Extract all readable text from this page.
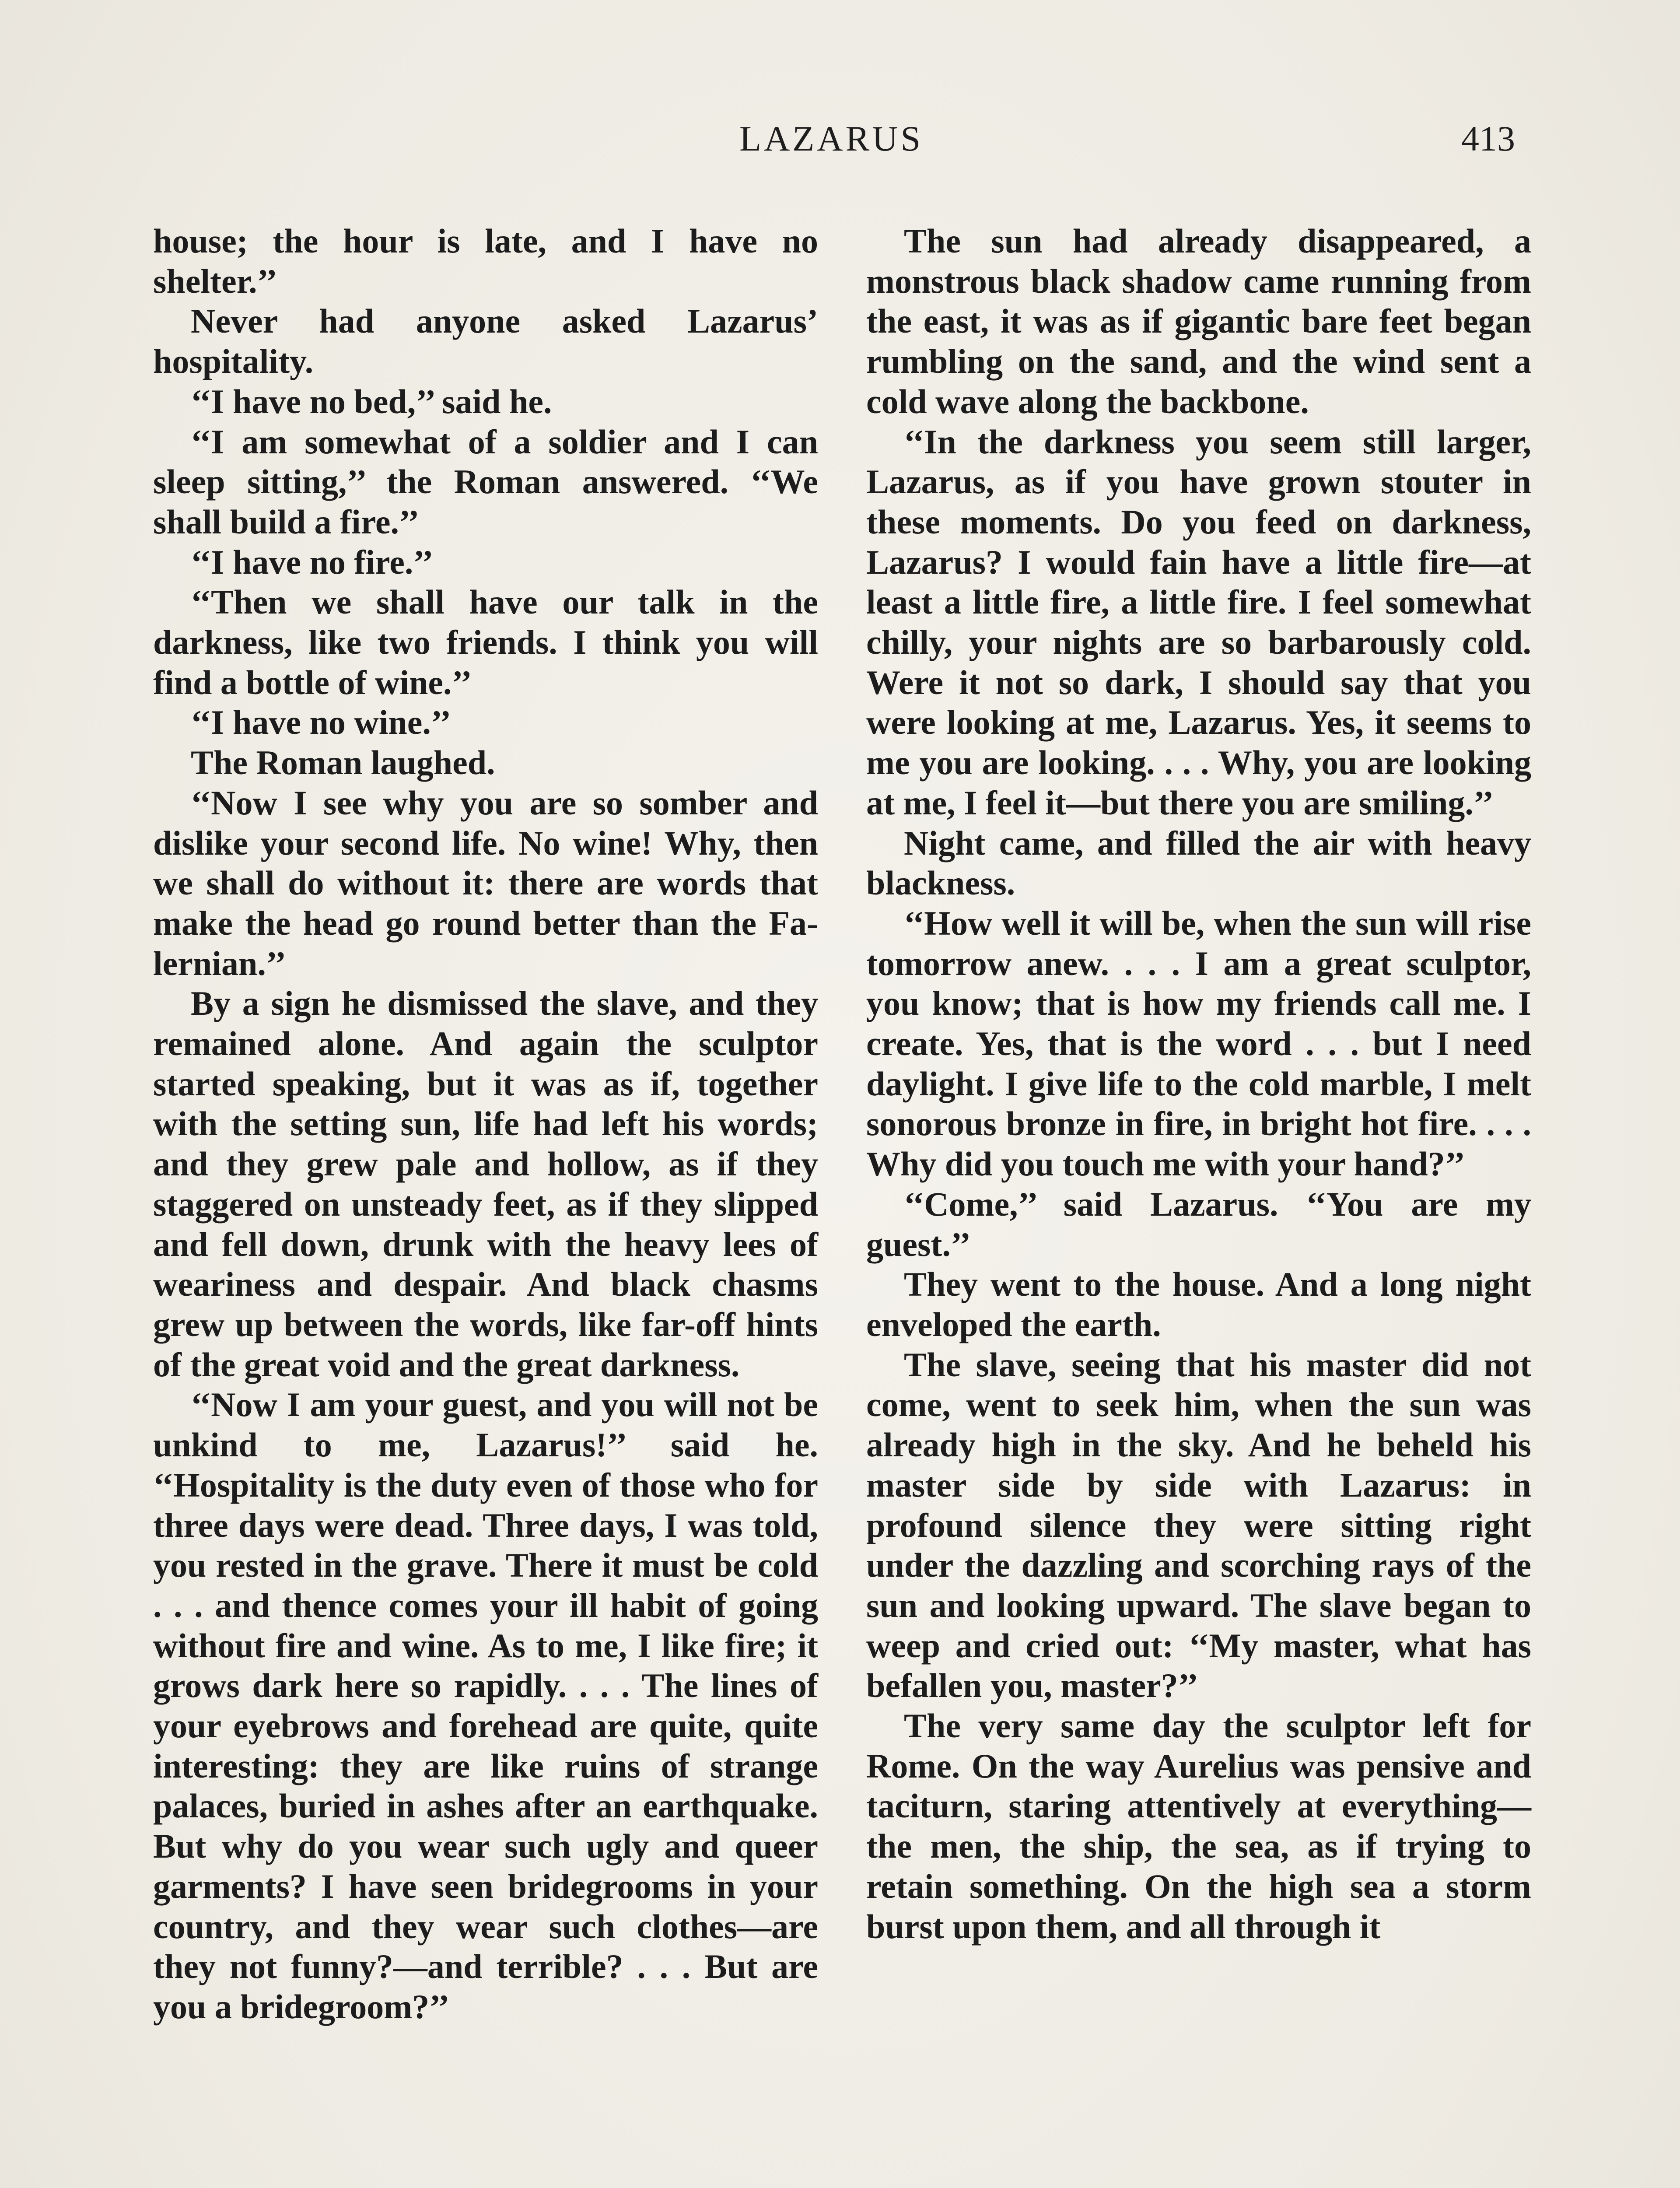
LAZARUS	413

house; the hour is late, and I have no shelter.’’

Never had anyone asked Lazarus’ hospitality.

‘‘I have no bed,’’ said he.

‘‘I am somewhat of a soldier and I can sleep sitting,’’ the Roman answered. ‘‘We shall build a fire.’’

‘‘I have no fire.’’

‘‘Then we shall have our talk in the darkness, like two friends. I think you will find a bottle of wine.’’

‘‘I have no wine.’’

The Roman laughed.

‘‘Now I see why you are so somber and dislike your second life. No wine! Why, then we shall do without it: there are words that make the head go round better than the Falernian.’’

By a sign he dismissed the slave, and they remained alone. And again the sculptor started speaking, but it was as if, together with the setting sun, life had left his words; and they grew pale and hollow, as if they staggered on unsteady feet, as if they slipped and fell down, drunk with the heavy lees of weariness and despair. And black chasms grew up between the words, like far-off hints of the great void and the great darkness.

‘‘Now I am your guest, and you will not be unkind to me, Lazarus!’’ said he. ‘‘Hospitality is the duty even of those who for three days were dead. Three days, I was told, you rested in the grave. There it must be cold . . . and thence comes your ill habit of going without fire and wine. As to me, I like fire; it grows dark here so rapidly. . . . The lines of your eyebrows and forehead are quite, quite interesting: they are like ruins of strange palaces, buried in ashes after an earthquake. But why do you wear such ugly and queer garments? I have seen bridegrooms in your country, and they wear such clothes—are they not funny?—and terrible? . . . But are you a bridegroom?’’

The sun had already disappeared, a monstrous black shadow came running from the east, it was as if gigantic bare feet began rumbling on the sand, and the wind sent a cold wave along the backbone.

‘‘In the darkness you seem still larger, Lazarus, as if you have grown stouter in these moments. Do you feed on darkness, Lazarus? I would fain have a little fire—at least a little fire, a little fire. I feel somewhat chilly, your nights are so barbarously cold. Were it not so dark, I should say that you were looking at me, Lazarus. Yes, it seems to me you are looking. . . . Why, you are looking at me, I feel it—but there you are smiling.’’

Night came, and filled the air with heavy blackness.

‘‘How well it will be, when the sun will rise tomorrow anew. . . . I am a great sculptor, you know; that is how my friends call me. I create. Yes, that is the word . . . but I need daylight. I give life to the cold marble, I melt sonorous bronze in fire, in bright hot fire. . . . Why did you touch me with your hand?’’

‘‘Come,’’ said Lazarus. ‘‘You are my guest.’’

They went to the house. And a long night enveloped the earth.

The slave, seeing that his master did not come, went to seek him, when the sun was already high in the sky. And he beheld his master side by side with Lazarus: in profound silence they were sitting right under the dazzling and scorching rays of the sun and looking upward. The slave began to weep and cried out: ‘‘My master, what has befallen you, master?’’

The very same day the sculptor left for Rome. On the way Aurelius was pensive and taciturn, staring attentively at everything—the men, the ship, the sea, as if trying to retain something. On the high sea a storm burst upon them, and all through it
